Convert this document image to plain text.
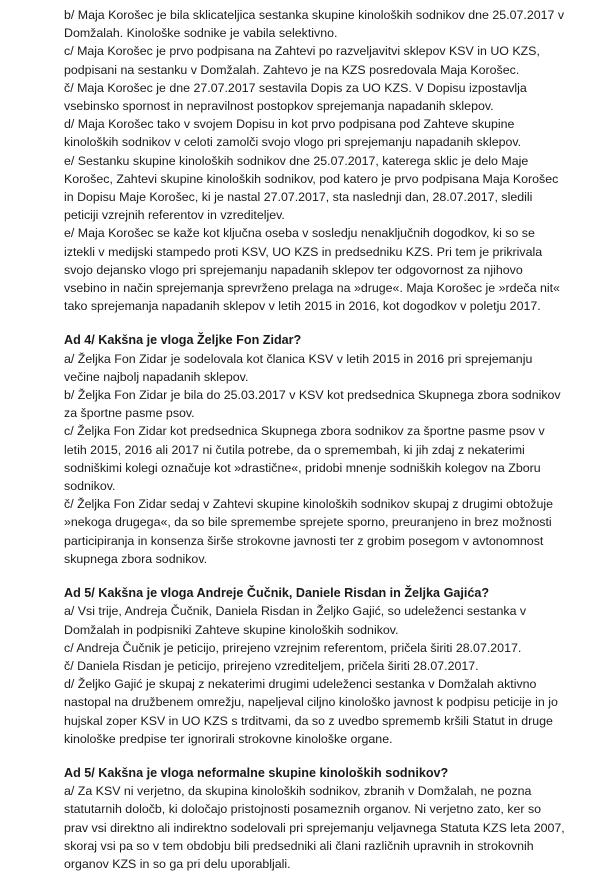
b/ Maja Korošec je bila sklicateljica sestanka skupine kinoloških sodnikov dne 25.07.2017 v Domžalah. Kinološke sodnike je vabila selektivno.

c/ Maja Korošec je prvo podpisana na Zahtevi po razveljavitvi sklepov KSV in UO KZS, podpisani na sestanku v Domžalah. Zahtevo je na KZS posredovala Maja Korošec.

č/ Maja Korošec je dne 27.07.2017 sestavila Dopis za UO KZS. V Dopisu izpostavlja vsebinsko spornost in nepravilnost postopkov sprejemanja napadanih sklepov.

d/ Maja Korošec tako v svojem Dopisu in kot prvo podpisana pod Zahteve skupine kinoloških sodnikov v celoti zamolči svojo vlogo pri sprejemanju napadanih sklepov.

e/ Sestanku skupine kinoloških sodnikov dne 25.07.2017, katerega sklic je delo Maje Korošec, Zahtevi skupine kinoloških sodnikov, pod katero je prvo podpisana Maja Korošec in Dopisu Maje Korošec, ki je nastal 27.07.2017, sta naslednji dan, 28.07.2017, sledili peticiji vzrejnih referentov in vzrediteljev.

e/ Maja Korošec se kaže kot ključna oseba v sosledju nenaključnih dogodkov, ki so se iztekli v medijski stampedo proti KSV, UO KZS in predsedniku KZS. Pri tem je prikrivala svojo dejansko vlogo pri sprejemanju napadanih sklepov ter odgovornost za njihovo vsebino in način sprejemanja sprevrženo prelaga na »druge«. Maja Korošec je »rdeča nit« tako sprejemanja napadanih sklepov v letih 2015 in 2016, kot dogodkov v poletju 2017.

Ad 4/ Kakšna je vloga Željke Fon Zidar?

a/ Željka Fon Zidar je sodelovala kot članica KSV v letih 2015 in 2016 pri sprejemanju večine najbolj napadanih sklepov.

b/ Željka Fon Zidar je bila do 25.03.2017 v KSV kot predsednica Skupnega zbora sodnikov za športne pasme psov.

c/ Željka Fon Zidar kot predsednica Skupnega zbora sodnikov za športne pasme psov v letih 2015, 2016 ali 2017 ni čutila potrebe, da o spremembah, ki jih zdaj z nekaterimi sodniškimi kolegi označuje kot »drastične«, pridobi mnenje sodniških kolegov na Zboru sodnikov.

č/ Željka Fon Zidar sedaj v Zahtevi skupine kinoloških sodnikov skupaj z drugimi obtožuje »nekoga drugega«, da so bile spremembe sprejete sporno, preuranjeno in brez možnosti participiranja in konsenza širše strokovne javnosti ter z grobim posegom v avtonomnost skupnega zbora sodnikov.

Ad 5/ Kakšna je vloga Andreje Čučnik, Daniele Risdan in Željka Gajića?

a/ Vsi trije, Andreja Čučnik, Daniela Risdan in Željko Gajić, so udeleženci sestanka v Domžalah in podpisniki Zahteve skupine kinoloških sodnikov.

c/ Andreja Čučnik je peticijo, prirejeno vzrejnim referentom, pričela širiti 28.07.2017.

č/ Daniela Risdan je peticijo, prirejeno vzrediteljem, pričela širiti 28.07.2017.

d/ Željko Gajić je skupaj z nekaterimi drugimi udeleženci sestanka v Domžalah aktivno nastopal na družbenem omrežju, napeljeval ciljno kinološko javnost k podpisu peticije in jo hujskal zoper KSV in UO KZS s trditvami, da so z uvedbo sprememb kršili Statut in druge kinološke predpise ter ignorirali strokovne kinološke organe.

Ad 5/ Kakšna je vloga neformalne skupine kinoloških sodnikov?

a/ Za KSV ni verjetno, da skupina kinoloških sodnikov, zbranih v Domžalah, ne pozna statutarnih določb, ki določajo pristojnosti posameznih organov. Ni verjetno zato, ker so prav vsi direktno ali indirektno sodelovali pri sprejemanju veljavnega Statuta KZS leta 2007, skoraj vsi pa so v tem obdobju bili predsedniki ali člani različnih upravnih in strokovnih organov KZS in so ga pri delu uporabljali.
